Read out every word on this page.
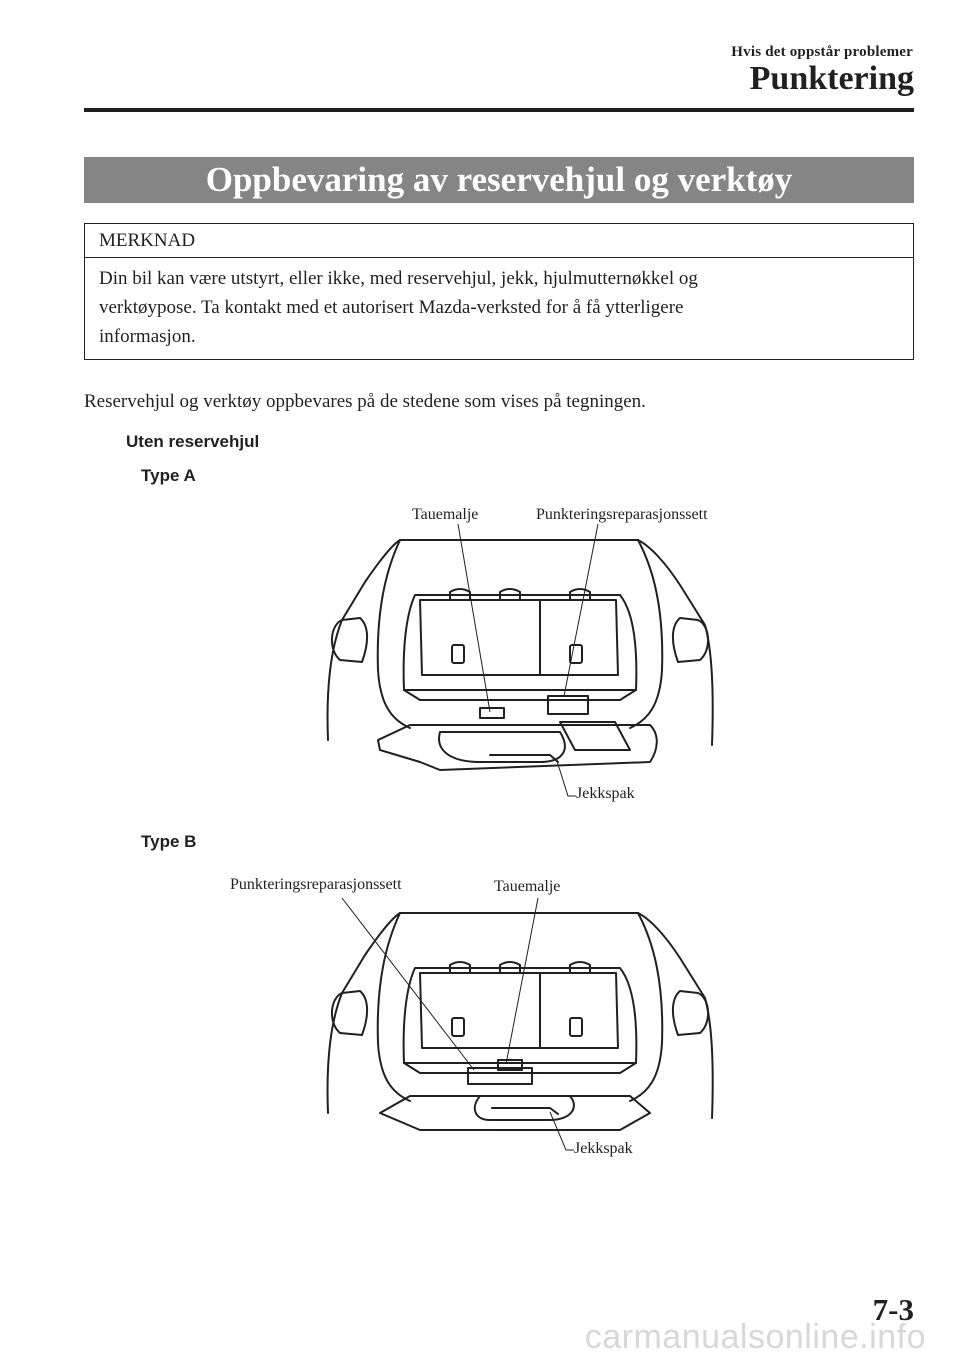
Hvis det oppstår problemer
Punktering
Oppbevaring av reservehjul og verktøy
MERKNAD
Din bil kan være utstyrt, eller ikke, med reservehjul, jekk, hjulmutternøkkel og
verktøypose. Ta kontakt med et autorisert Mazda-verksted for å få ytterligere
informasjon.
Reservehjul og verktøy oppbevares på de stedene som vises på tegningen.
Uten reservehjul
Type A
Tauemalje	Punkteringsreparasjonssett
Jekkspak
Type B
Punkteringsreparasjonssett	Tauemalje
Jekkspak
7-3
carmanualsonline.info
